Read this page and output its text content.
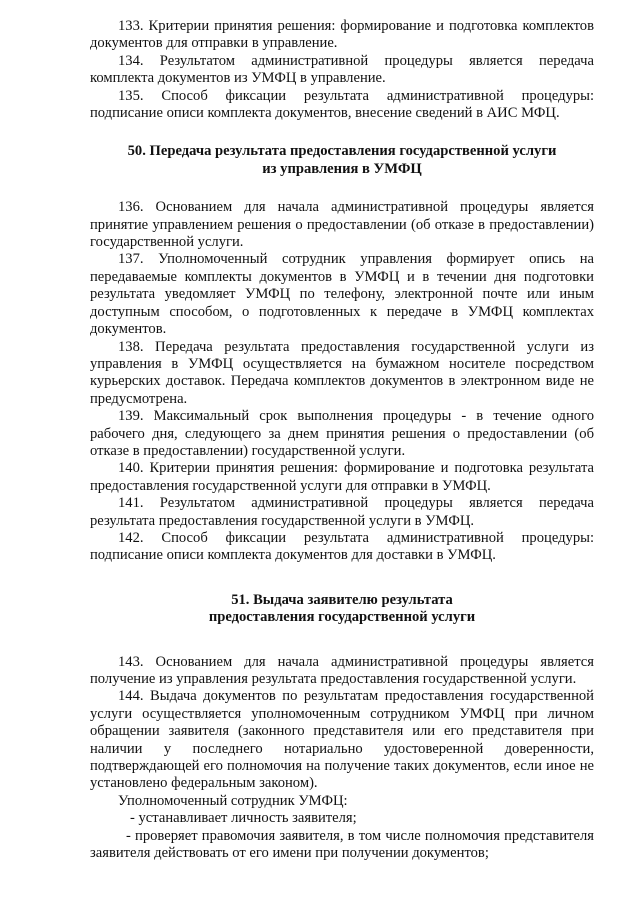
133. Критерии принятия решения: формирование и подготовка комплектов документов для отправки в управление.

134. Результатом административной процедуры является передача комплекта документов из УМФЦ в управление.

135. Способ фиксации результата административной процедуры: подписание описи комплекта документов, внесение сведений в АИС МФЦ.

50. Передача результата предоставления государственной услуги

из управления в УМФЦ

136. Основанием для начала административной процедуры является принятие управлением решения о предоставлении (об отказе в предоставлении) государственной услуги.

137. Уполномоченный сотрудник управления формирует опись на передаваемые комплекты документов в УМФЦ и в течении дня подготовки результата уведомляет УМФЦ по телефону, электронной почте или иным доступным способом, о подготовленных к передаче в УМФЦ комплектах документов.

138. Передача результата предоставления государственной услуги из управления в УМФЦ осуществляется на бумажном носителе посредством курьерских доставок. Передача комплектов документов в электронном виде не предусмотрена.

139. Максимальный срок выполнения процедуры - в течение одного рабочего дня, следующего за днем принятия решения о предоставлении (об отказе в предоставлении) государственной услуги.

140. Критерии принятия решения: формирование и подготовка результата предоставления государственной услуги для отправки в УМФЦ.

141. Результатом административной процедуры является передача результата предоставления государственной услуги в УМФЦ.

142. Способ фиксации результата административной процедуры: подписание описи комплекта документов для доставки в УМФЦ.

51. Выдача заявителю результата

предоставления государственной услуги

143. Основанием для начала административной процедуры является получение из управления результата предоставления государственной услуги.

144. Выдача документов по результатам предоставления государственной услуги осуществляется уполномоченным сотрудником УМФЦ при личном обращении заявителя (законного представителя или его представителя при наличии у последнего нотариально удостоверенной доверенности, подтверждающей его полномочия на получение таких документов, если иное не установлено федеральным законом).

Уполномоченный сотрудник УМФЦ:

- устанавливает личность заявителя;

- проверяет правомочия заявителя, в том числе полномочия представителя заявителя действовать от его имени при получении документов;
